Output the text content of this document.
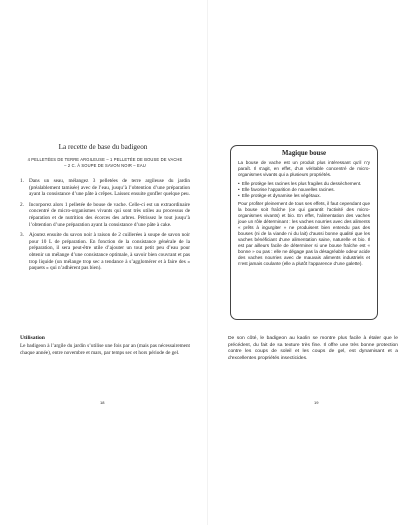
La recette de base du badigeon

4 PELLETÉES DE TERRE ARGILEUSE – 1 PELLETÉE DE BOUSE DE VACHE – 2 C. À SOUPE DE SAVON NOIR – EAU

1. Dans un seau, mélangez 3 pelletées de terre argileuse du jardin (préalablement tamisée) avec de l’eau, jusqu’à l’obtention d’une préparation ayant la consistance d’une pâte à crêpes. Laissez ensuite gonfler quelque peu.
2. Incorporez alors 1 pelletée de bouse de vache. Celle-ci est un extraordinaire concentré de micro-organismes vivants qui sont très utiles au processus de réparation et de nutrition des écorces des arbres. Pétrissez le tout jusqu’à l’obtention d’une préparation ayant la consistance d’une pâte à cake.
3. Ajoutez ensuite du savon noir à raison de 2 cuillerées à soupe de savon noir pour 10 L de préparation. En fonction de la consistance générale de la préparation, il sera peut-être utile d’ajouter un tout petit peu d’eau pour obtenir un mélange d’une consistance optimale, à savoir bien couvrant et pas trop liquide (un mélange trop sec a tendance à s’agglomérer et à faire des « paquets » qui n’adhèrent pas bien).
Utilisation

Le badigeon à l’argile du jardin s’utilise une fois par an (mais pas nécessairement chaque année), entre novembre et mars, par temps sec et hors période de gel.

18
Magique bouse

La bouse de vache est un produit plus intéressant qu’il n’y paraît. Il s’agit, en effet, d’un véritable concentré de micro-organismes vivants qui a plusieurs propriétés.

• Elle protège les racines les plus fragiles du dessèchement.
• Elle favorise l’apparition de nouvelles racines.
• Elle protège et dynamise les végétaux.

Pour profiter pleinement de tous ses effets, il faut cependant que la bouse soit fraîche (ce qui garantit l’activité des micro-organismes vivants) et bio. En effet, l’alimentation des vaches joue un rôle déterminant : les vaches nourries avec des aliments « prêts à ingurgiter » ne produisent bien entendu pas des bouses (ni de la viande ni du lait) d’aussi bonne qualité que les vaches bénéficiant d’une alimentation saine, naturelle et bio. Il est par ailleurs facile de déterminer si une bouse fraîche est « bonne » ou pas : elle ne dégage pas la désagréable odeur acide des vaches nourries avec de mauvais aliments industriels et n’est jamais coulante (elle a plutôt l’apparence d’une galette).

De son côté, le badigeon au kaolin se montre plus facile à étaler que le précédent, du fait de sa texture très fine. Il offre une très bonne protection contre les coups de soleil et les coups de gel, est dynamisant et a d’excellentes propriétés insecticides.

19
